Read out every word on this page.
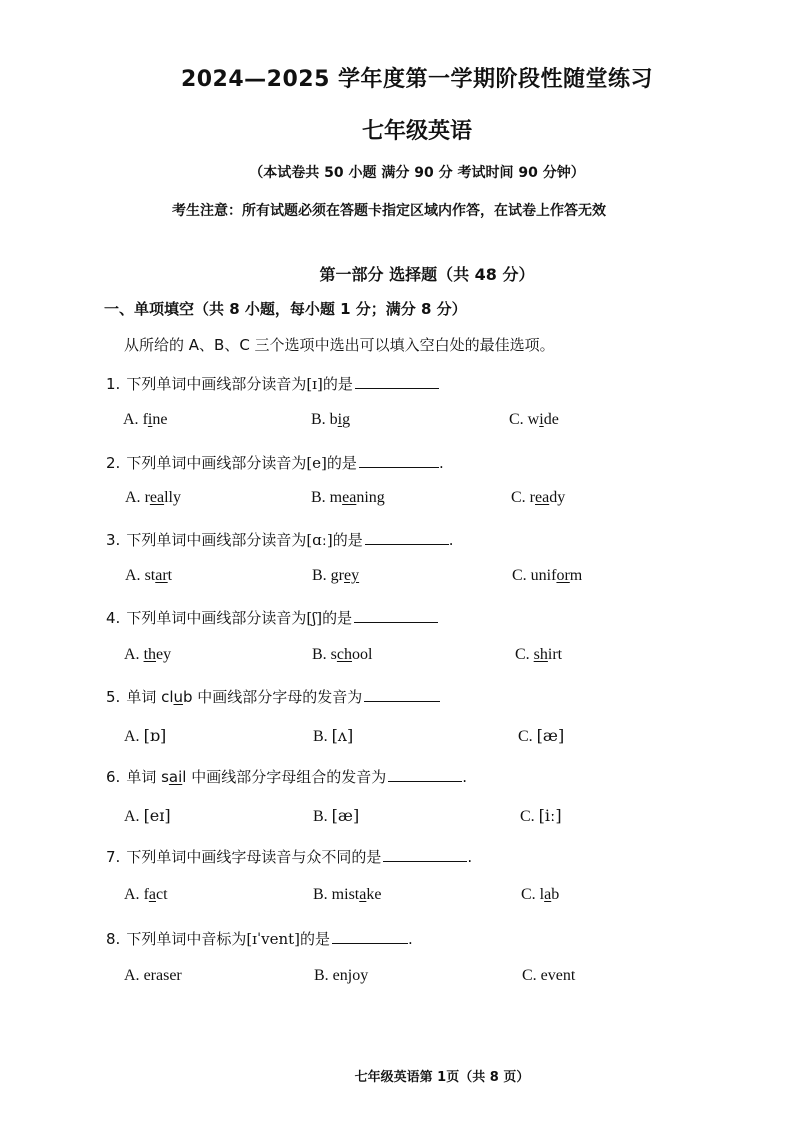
2024—2025 学年度第一学期阶段性随堂练习
七年级英语
（本试卷共 50 小题 满分 90 分 考试时间 90 分钟）
考生注意：所有试题必须在答题卡指定区域内作答，在试卷上作答无效
第一部分 选择题（共 48 分）
一、单项填空（共 8 小题，每小题 1 分；满分 8 分）
从所给的 A、B、C 三个选项中选出可以填入空白处的最佳选项。
1. 下列单词中画线部分读音为[ɪ]的是
A. fine	B. big	C. wide
2. 下列单词中画线部分读音为[e]的是	.
A. really	B. meaning	C. ready
3. 下列单词中画线部分读音为[ɑː]的是	.
A. start	B. grey	C. uniform
4. 下列单词中画线部分读音为[ʃ]的是
A. they	B. school	C. shirt
5. 单词 club 中画线部分字母的发音为
A. [ɒ]	B. [ʌ]	C. [æ]
6. 单词 sail 中画线部分字母组合的发音为	.
A. [eɪ]	B. [æ]	C. [iː]
7. 下列单词中画线字母读音与众不同的是	.
A. fact	B. mistake	C. lab
8. 下列单词中音标为[ɪˈvent]的是	.
A. eraser	B. enjoy	C. event
七年级英语第 1页（共 8 页）
